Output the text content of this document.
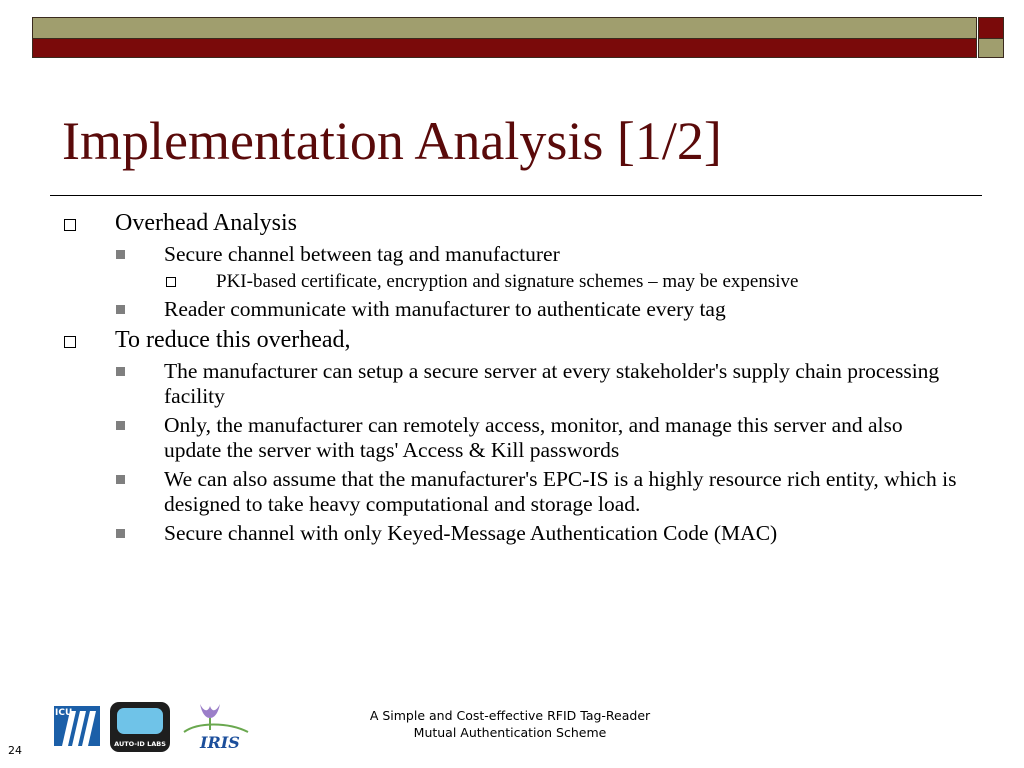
Implementation Analysis [1/2]
Overhead Analysis
Secure channel between tag and manufacturer
PKI-based certificate, encryption and signature schemes – may be expensive
Reader communicate with manufacturer to authenticate every tag
To reduce this overhead,
The manufacturer can setup a secure server at every stakeholder's supply chain processing facility
Only, the manufacturer can remotely access, monitor, and manage this server and also update the server with tags' Access & Kill passwords
We can also assume that the manufacturer's EPC-IS is a highly resource rich entity, which is designed to take heavy computational and storage load.
Secure channel with only Keyed-Message Authentication Code (MAC)
ICU
AUTO-ID LABS IRIS
A Simple and Cost-effective RFID Tag-Reader Mutual Authentication Scheme
24
